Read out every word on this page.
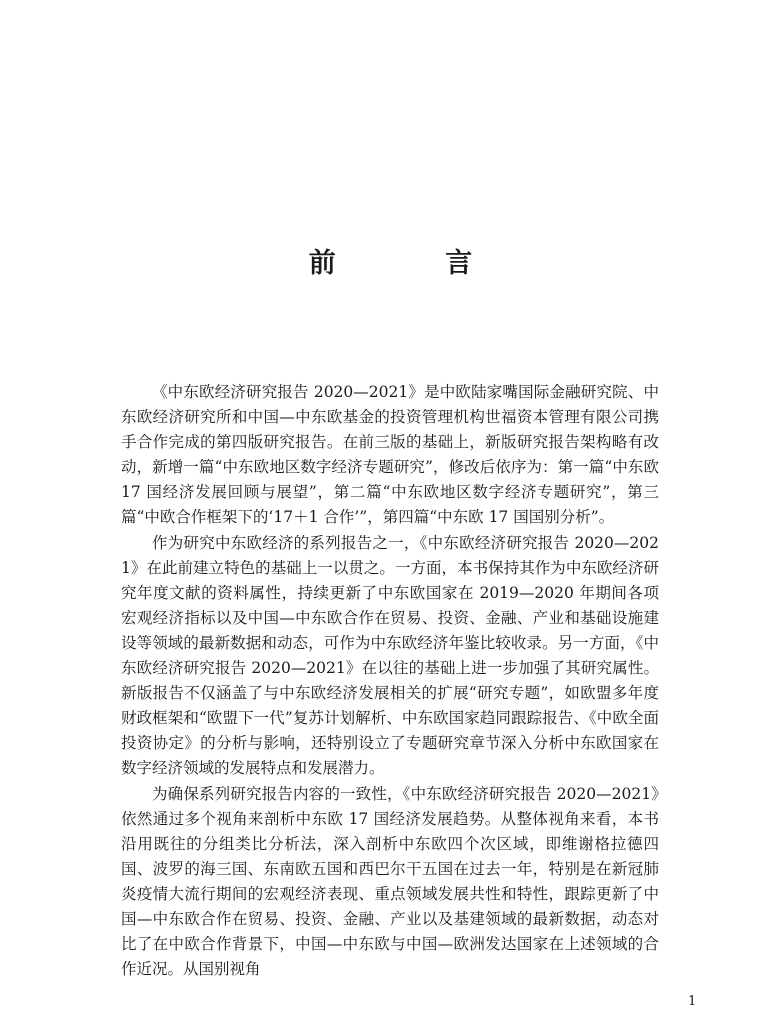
前 言

《中东欧经济研究报告 2020—2021》是中欧陆家嘴国际金融研究院、中东欧经济研究所和中国—中东欧基金的投资管理机构世福资本管理有限公司携手合作完成的第四版研究报告。在前三版的基础上，新版研究报告架构略有改动，新增一篇“中东欧地区数字经济专题研究”，修改后依序为：第一篇“中东欧 17 国经济发展回顾与展望”，第二篇“中东欧地区数字经济专题研究”，第三篇“中欧合作框架下的‘17＋1 合作’”，第四篇“中东欧 17 国国别分析”。

作为研究中东欧经济的系列报告之一，《中东欧经济研究报告 2020—2021》在此前建立特色的基础上一以贯之。一方面，本书保持其作为中东欧经济研究年度文献的资料属性，持续更新了中东欧国家在 2019—2020 年期间各项宏观经济指标以及中国—中东欧合作在贸易、投资、金融、产业和基础设施建设等领域的最新数据和动态，可作为中东欧经济年鉴比较收录。另一方面，《中东欧经济研究报告 2020—2021》在以往的基础上进一步加强了其研究属性。新版报告不仅涵盖了与中东欧经济发展相关的扩展“研究专题”，如欧盟多年度财政框架和“欧盟下一代”复苏计划解析、中东欧国家趋同跟踪报告、《中欧全面投资协定》的分析与影响，还特别设立了专题研究章节深入分析中东欧国家在数字经济领域的发展特点和发展潜力。

为确保系列研究报告内容的一致性，《中东欧经济研究报告 2020—2021》依然通过多个视角来剖析中东欧 17 国经济发展趋势。从整体视角来看，本书沿用既往的分组类比分析法，深入剖析中东欧四个次区域，即维谢格拉德四国、波罗的海三国、东南欧五国和西巴尔干五国在过去一年，特别是在新冠肺炎疫情大流行期间的宏观经济表现、重点领域发展共性和特性，跟踪更新了中国—中东欧合作在贸易、投资、金融、产业以及基建领域的最新数据，动态对比了在中欧合作背景下，中国—中东欧与中国—欧洲发达国家在上述领域的合作近况。从国别视角

1
